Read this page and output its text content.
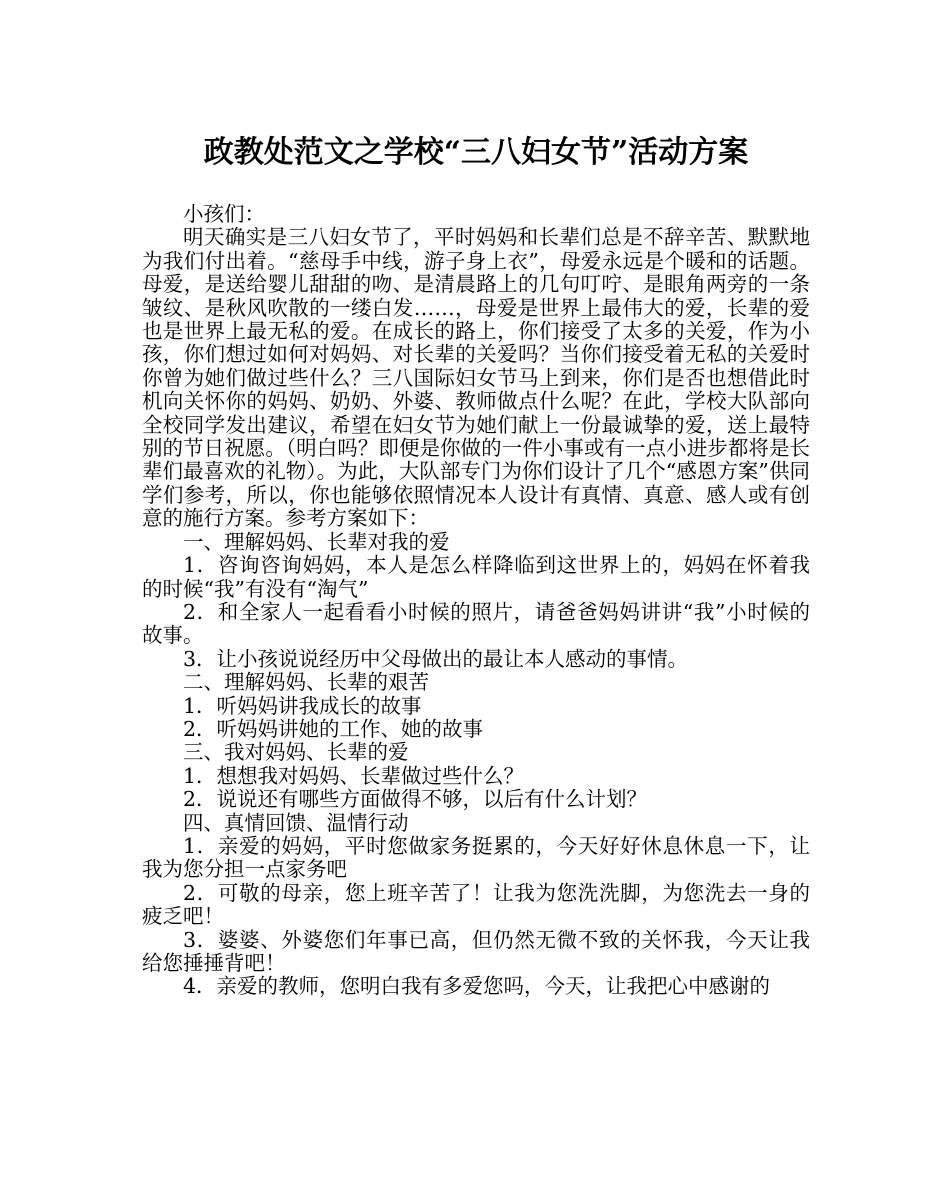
政教处范文之学校“三八妇女节”活动方案

小孩们：

明天确实是三八妇女节了，平时妈妈和长辈们总是不辞辛苦、默默地为我们付出着。“慈母手中线，游子身上衣”，母爱永远是个暖和的话题。母爱，是送给婴儿甜甜的吻、是清晨路上的几句叮咛、是眼角两旁的一条皱纹、是秋风吹散的一缕白发……，母爱是世界上最伟大的爱，长辈的爱也是世界上最无私的爱。在成长的路上，你们接受了太多的关爱，作为小孩，你们想过如何对妈妈、对长辈的关爱吗？当你们接受着无私的关爱时你曾为她们做过些什么？三八国际妇女节马上到来，你们是否也想借此时机向关怀你的妈妈、奶奶、外婆、教师做点什么呢？在此，学校大队部向全校同学发出建议，希望在妇女节为她们献上一份最诚挚的爱，送上最特别的节日祝愿。（明白吗？即便是你做的一件小事或有一点小进步都将是长辈们最喜欢的礼物）。为此，大队部专门为你们设计了几个“感恩方案”供同学们参考，所以，你也能够依照情况本人设计有真情、真意、感人或有创意的施行方案。参考方案如下：

一、理解妈妈、长辈对我的爱

1．咨询咨询妈妈，本人是怎么样降临到这世界上的，妈妈在怀着我的时候“我”有没有“淘气”

2．和全家人一起看看小时候的照片，请爸爸妈妈讲讲“我”小时候的故事。

3．让小孩说说经历中父母做出的最让本人感动的事情。

二、理解妈妈、长辈的艰苦

1．听妈妈讲我成长的故事

2．听妈妈讲她的工作、她的故事

三、我对妈妈、长辈的爱

1．想想我对妈妈、长辈做过些什么？

2．说说还有哪些方面做得不够，以后有什么计划？

四、真情回馈、温情行动

1．亲爱的妈妈，平时您做家务挺累的，今天好好休息休息一下，让我为您分担一点家务吧

2．可敬的母亲，您上班辛苦了！让我为您洗洗脚，为您洗去一身的疲乏吧！

3．婆婆、外婆您们年事已高，但仍然无微不致的关怀我，今天让我给您捶捶背吧！

4．亲爱的教师，您明白我有多爱您吗，今天，让我把心中感谢的
